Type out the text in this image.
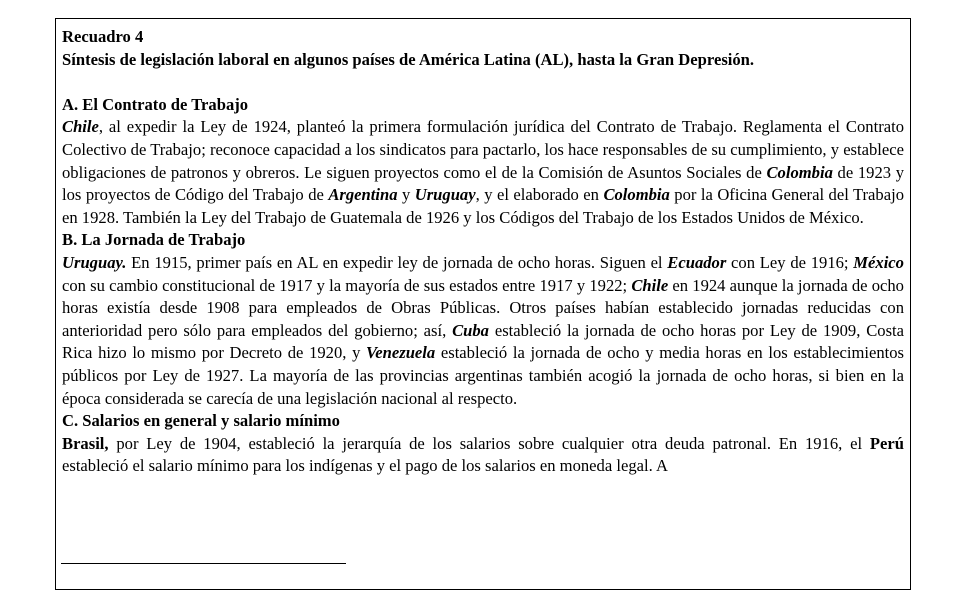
Recuadro 4

Síntesis de legislación laboral en algunos países de América Latina (AL), hasta la Gran Depresión.

A. El Contrato de Trabajo

Chile, al expedir la Ley de 1924, planteó la primera formulación jurídica del Contrato de Trabajo. Reglamenta el Contrato Colectivo de Trabajo; reconoce capacidad a los sindicatos para pactarlo, los hace responsables de su cumplimiento, y establece obligaciones de patronos y obreros. Le siguen proyectos como el de la Comisión de Asuntos Sociales de Colombia de 1923 y los proyectos de Código del Trabajo de Argentina y Uruguay, y el elaborado en Colombia por la Oficina General del Trabajo en 1928. También la Ley del Trabajo de Guatemala de 1926 y los Códigos del Trabajo de los Estados Unidos de México.

B. La Jornada de Trabajo

Uruguay. En 1915, primer país en AL en expedir ley de jornada de ocho horas. Siguen el Ecuador con Ley de 1916; México con su cambio constitucional de 1917 y la mayoría de sus estados entre 1917 y 1922; Chile en 1924 aunque la jornada de ocho horas existía desde 1908 para empleados de Obras Públicas. Otros países habían establecido jornadas reducidas con anterioridad pero sólo para empleados del gobierno; así, Cuba estableció la jornada de ocho horas por Ley de 1909, Costa Rica hizo lo mismo por Decreto de 1920, y Venezuela estableció la jornada de ocho y media horas en los establecimientos públicos por Ley de 1927. La mayoría de las provincias argentinas también acogió la jornada de ocho horas, si bien en la época considerada se carecía de una legislación nacional al respecto.

C. Salarios en general y salario mínimo

Brasil, por Ley de 1904, estableció la jerarquía de los salarios sobre cualquier otra deuda patronal. En 1916, el Perú estableció el salario mínimo para los indígenas y el pago de los salarios en moneda legal. A
